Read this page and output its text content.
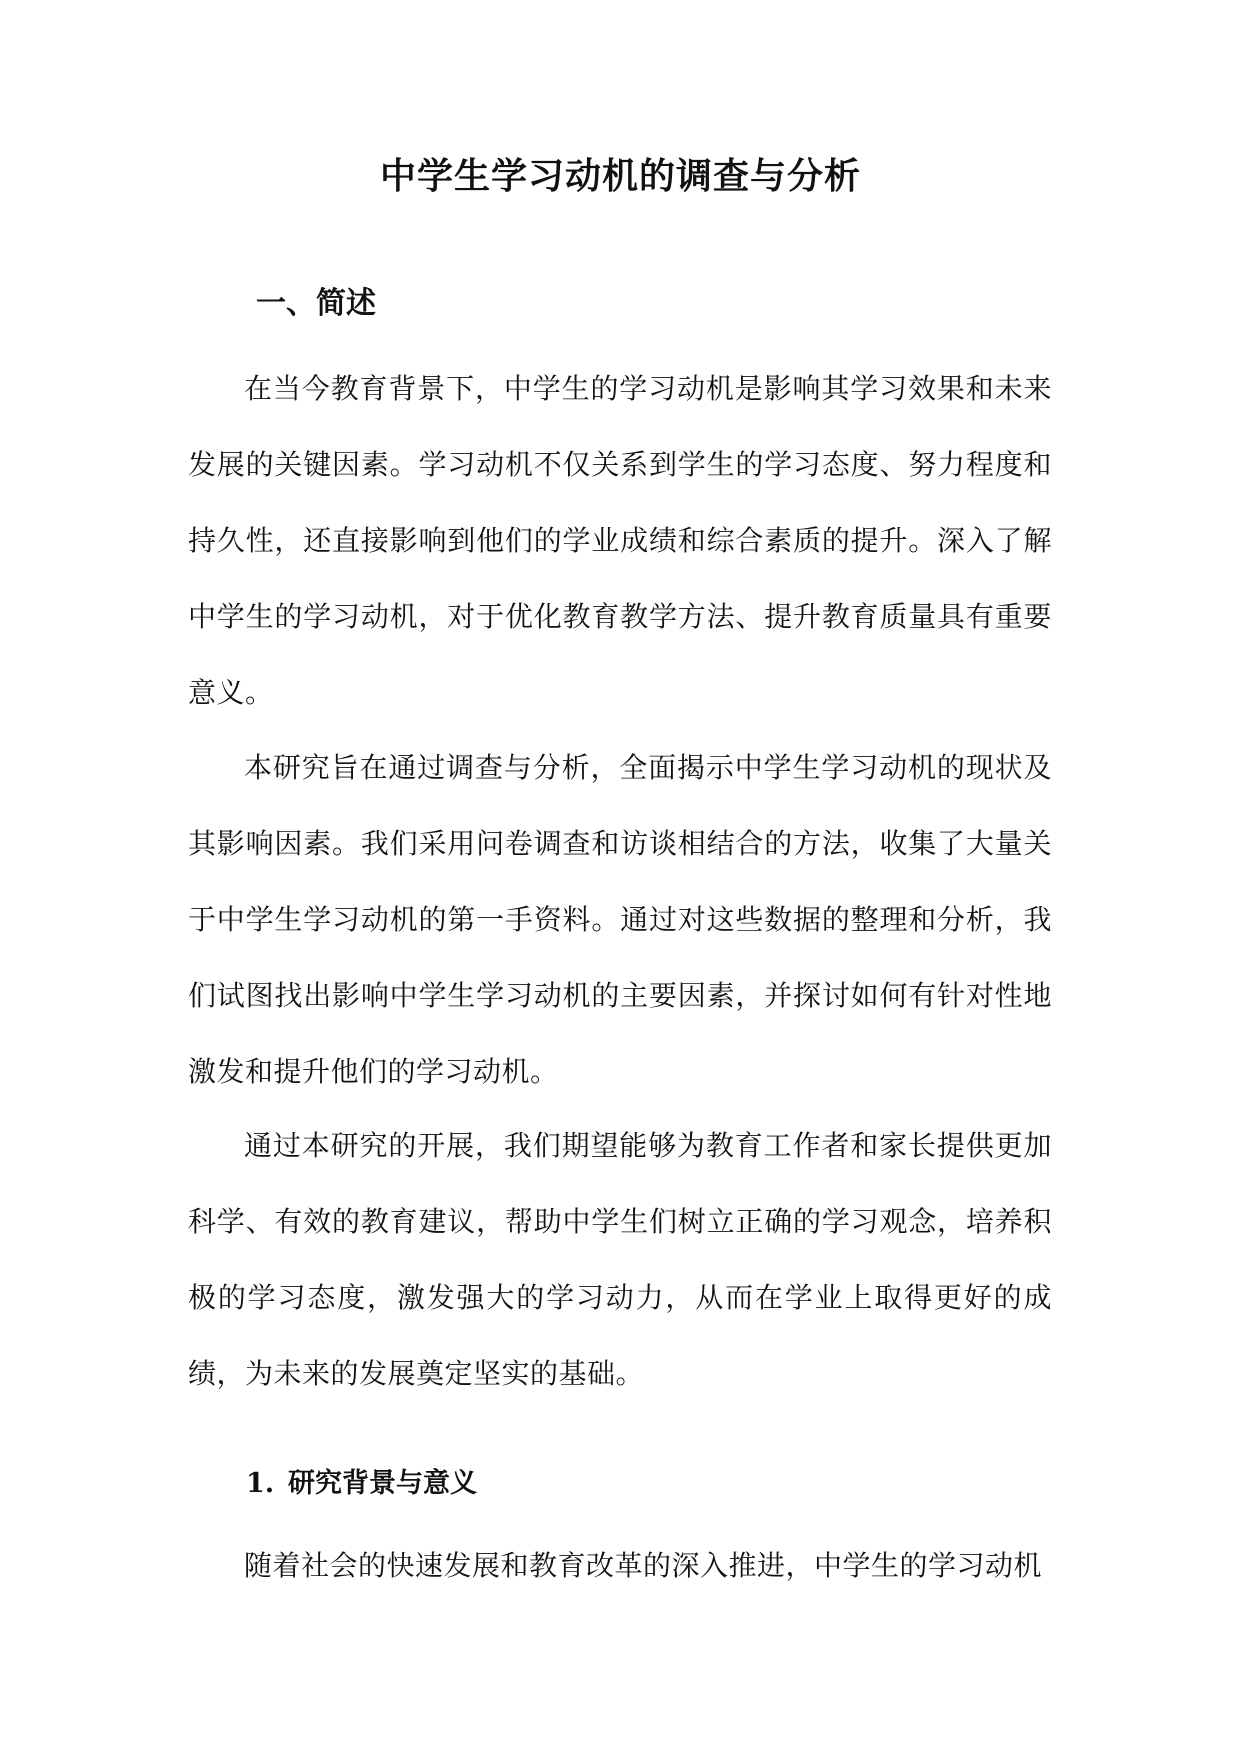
中学生学习动机的调查与分析
一、简述

在当今教育背景下，中学生的学习动机是影响其学习效果和未来发展的关键因素。学习动机不仅关系到学生的学习态度、努力程度和持久性，还直接影响到他们的学业成绩和综合素质的提升。深入了解中学生的学习动机，对于优化教育教学方法、提升教育质量具有重要意义。

本研究旨在通过调查与分析，全面揭示中学生学习动机的现状及其影响因素。我们采用问卷调查和访谈相结合的方法，收集了大量关于中学生学习动机的第一手资料。通过对这些数据的整理和分析，我们试图找出影响中学生学习动机的主要因素，并探讨如何有针对性地激发和提升他们的学习动机。

通过本研究的开展，我们期望能够为教育工作者和家长提供更加科学、有效的教育建议，帮助中学生们树立正确的学习观念，培养积极的学习态度，激发强大的学习动力，从而在学业上取得更好的成绩，为未来的发展奠定坚实的基础。

1. 研究背景与意义

随着社会的快速发展和教育改革的深入推进，中学生的学习动机
